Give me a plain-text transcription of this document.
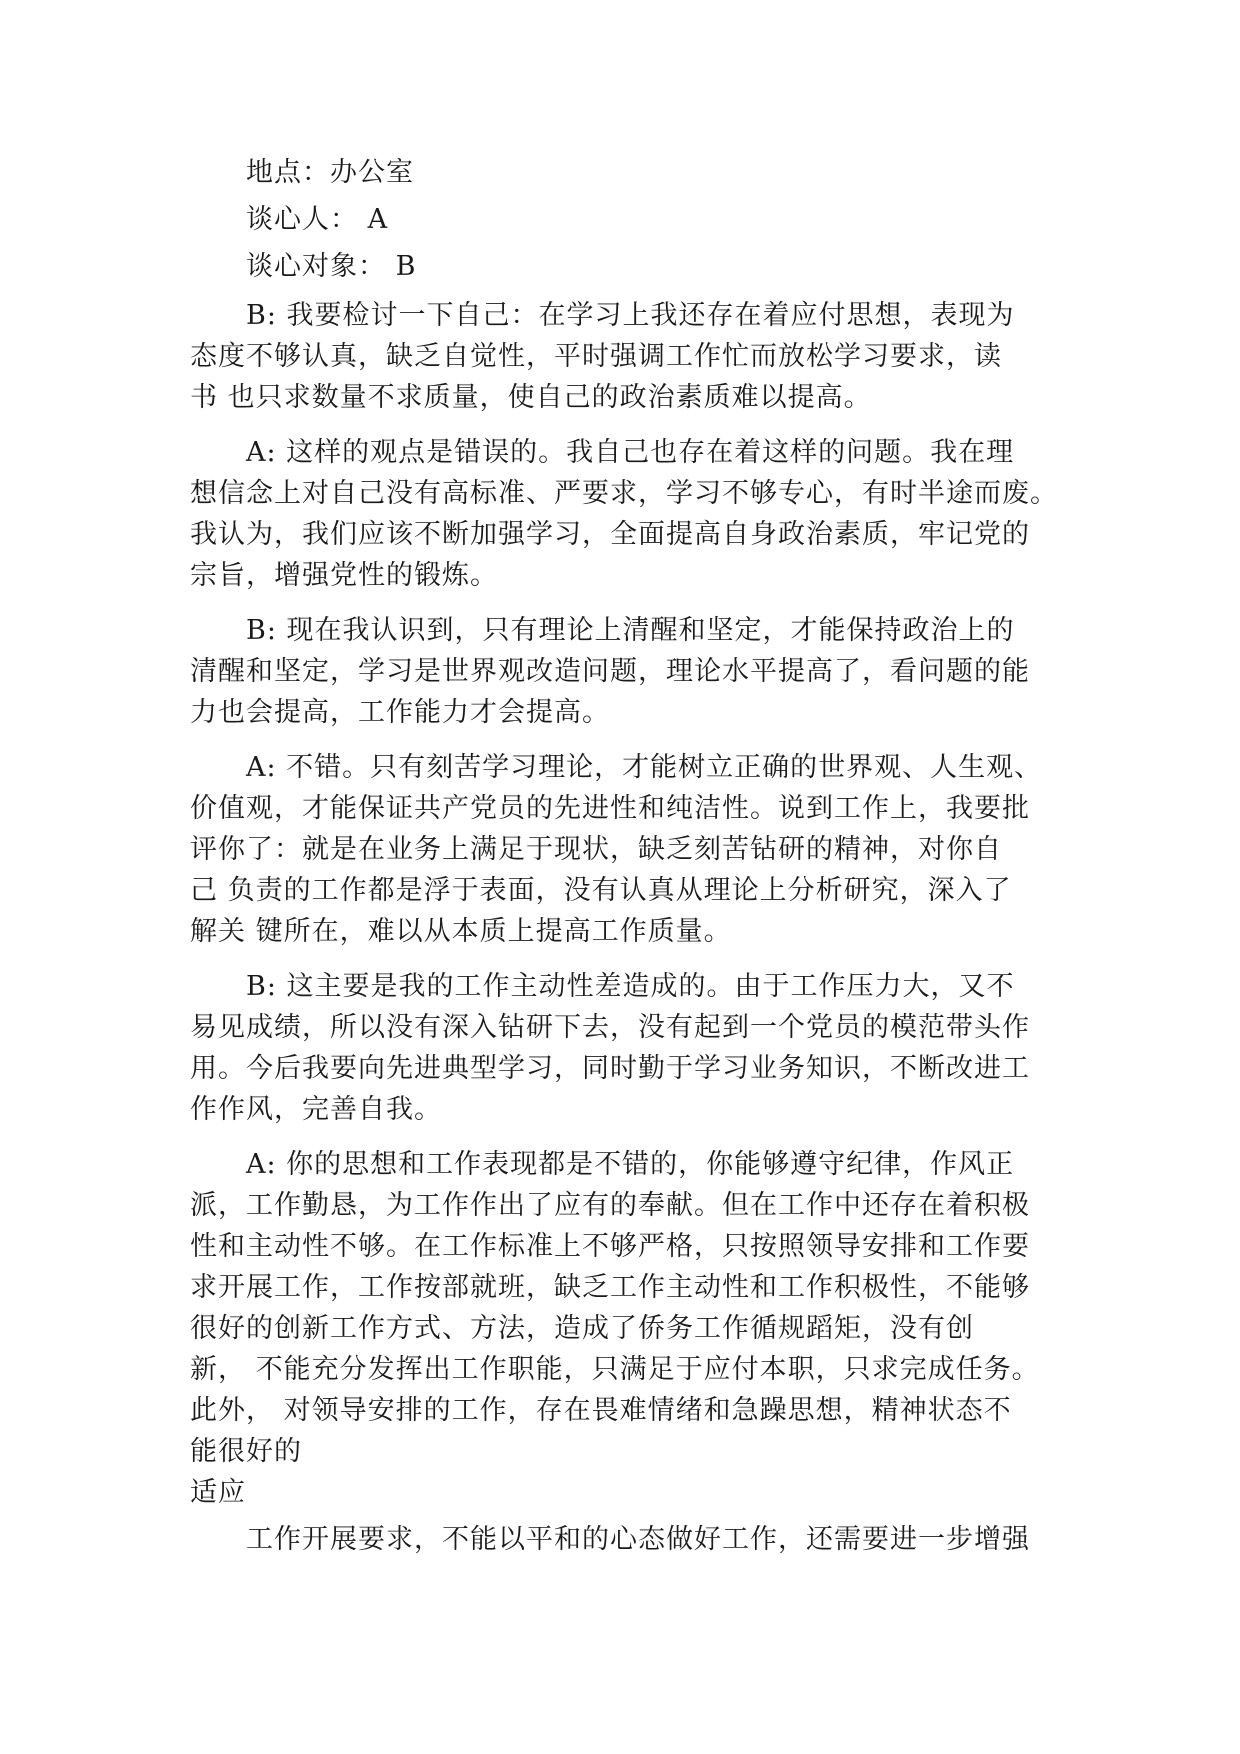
地点：办公室
谈心人： A
谈心对象： B
B: 我要检讨一下自己：在学习上我还存在着应付思想，表现为
态度不够认真，缺乏自觉性，平时强调工作忙而放松学习要求，读
书 也只求数量不求质量，使自己的政治素质难以提高。
A: 这样的观点是错误的。我自己也存在着这样的问题。我在理
想信念上对自己没有高标准、严要求，学习不够专心，有时半途而废。
我认为，我们应该不断加强学习，全面提高自身政治素质，牢记党的
宗旨，增强党性的锻炼。
B: 现在我认识到，只有理论上清醒和坚定，才能保持政治上的
清醒和坚定，学习是世界观改造问题，理论水平提高了，看问题的能
力也会提高，工作能力才会提高。
A: 不错。只有刻苦学习理论，才能树立正确的世界观、人生观、
价值观，才能保证共产党员的先进性和纯洁性。说到工作上，我要批
评你了：就是在业务上满足于现状，缺乏刻苦钻研的精神，对你自
己 负责的工作都是浮于表面，没有认真从理论上分析研究，深入了
解关 键所在，难以从本质上提高工作质量。
B: 这主要是我的工作主动性差造成的。由于工作压力大，又不
易见成绩，所以没有深入钻研下去，没有起到一个党员的模范带头作
用。今后我要向先进典型学习，同时勤于学习业务知识，不断改进工
作作风，完善自我。
A: 你的思想和工作表现都是不错的，你能够遵守纪律，作风正
派，工作勤恳，为工作作出了应有的奉献。但在工作中还存在着积极
性和主动性不够。在工作标准上不够严格，只按照领导安排和工作要
求开展工作，工作按部就班，缺乏工作主动性和工作积极性，不能够
很好的创新工作方式、方法，造成了侨务工作循规蹈矩，没有创
新， 不能充分发挥出工作职能，只满足于应付本职，只求完成任务。
此外， 对领导安排的工作，存在畏难情绪和急躁思想，精神状态不
能很好的
适应
工作开展要求，不能以平和的心态做好工作，还需要进一步增强
